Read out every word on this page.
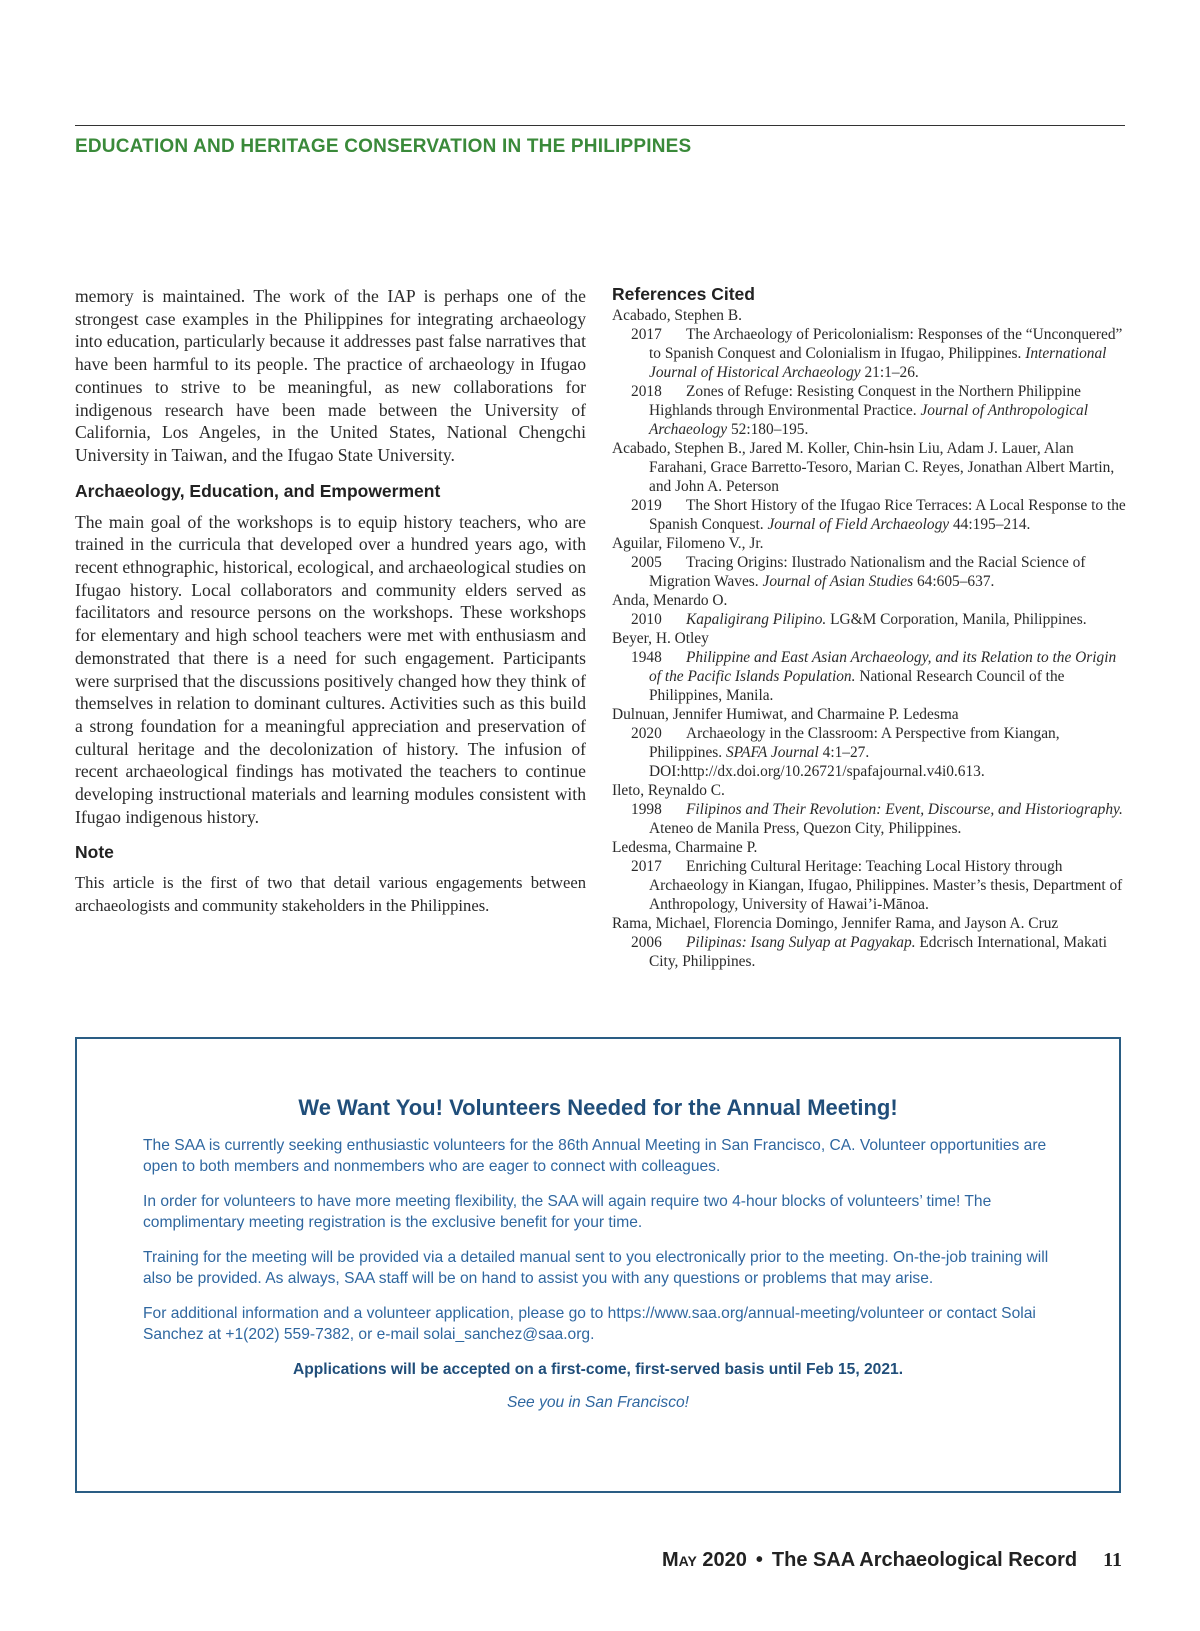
EDUCATION AND HERITAGE CONSERVATION IN THE PHILIPPINES

memory is maintained. The work of the IAP is perhaps one of the strongest case examples in the Philippines for integrating archaeology into education, particularly because it addresses past false narratives that have been harmful to its people. The practice of archaeology in Ifugao continues to strive to be meaningful, as new collaborations for indigenous research have been made between the University of California, Los Angeles, in the United States, National Chengchi University in Taiwan, and the Ifugao State University.

Archaeology, Education, and Empowerment

The main goal of the workshops is to equip history teachers, who are trained in the curricula that developed over a hundred years ago, with recent ethnographic, historical, ecological, and archaeological studies on Ifugao history. Local collaborators and community elders served as facilitators and resource persons on the workshops. These workshops for elementary and high school teachers were met with enthusiasm and demonstrated that there is a need for such engagement. Participants were surprised that the discussions positively changed how they think of themselves in relation to dominant cultures. Activities such as this build a strong foundation for a meaningful appreciation and preservation of cultural heritage and the decolonization of history. The infusion of recent archaeological findings has motivated the teachers to continue developing instructional materials and learning modules consistent with Ifugao indigenous history.

Note

This article is the first of two that detail various engagements between archaeologists and community stakeholders in the Philippines.

References Cited
Acabado, Stephen B.
2017 The Archaeology of Pericolonialism: Responses of the “Unconquered” to Spanish Conquest and Colonialism in Ifugao, Philippines. International Journal of Historical Archaeology 21:1–26.
2018 Zones of Refuge: Resisting Conquest in the Northern Philippine Highlands through Environmental Practice. Journal of Anthropological Archaeology 52:180–195.
Acabado, Stephen B., Jared M. Koller, Chin-hsin Liu, Adam J. Lauer, Alan Farahani, Grace Barretto-Tesoro, Marian C. Reyes, Jonathan Albert Martin, and John A. Peterson
2019 The Short History of the Ifugao Rice Terraces: A Local Response to the Spanish Conquest. Journal of Field Archaeology 44:195–214.
Aguilar, Filomeno V., Jr.
2005 Tracing Origins: Ilustrado Nationalism and the Racial Science of Migration Waves. Journal of Asian Studies 64:605–637.
Anda, Menardo O.
2010 Kapaligirang Pilipino. LG&M Corporation, Manila, Philippines.
Beyer, H. Otley
1948 Philippine and East Asian Archaeology, and its Relation to the Origin of the Pacific Islands Population. National Research Council of the Philippines, Manila.
Dulnuan, Jennifer Humiwat, and Charmaine P. Ledesma
2020 Archaeology in the Classroom: A Perspective from Kiangan, Philippines. SPAFA Journal 4:1–27. DOI:http://dx.doi.org/10.26721/spafajournal.v4i0.613.
Ileto, Reynaldo C.
1998 Filipinos and Their Revolution: Event, Discourse, and Historiography. Ateneo de Manila Press, Quezon City, Philippines.
Ledesma, Charmaine P.
2017 Enriching Cultural Heritage: Teaching Local History through Archaeology in Kiangan, Ifugao, Philippines. Master’s thesis, Department of Anthropology, University of Hawai’i-Mānoa.
Rama, Michael, Florencia Domingo, Jennifer Rama, and Jayson A. Cruz
2006 Pilipinas: Isang Sulyap at Pagyakap. Edcrisch International, Makati City, Philippines.
We Want You! Volunteers Needed for the Annual Meeting!

The SAA is currently seeking enthusiastic volunteers for the 86th Annual Meeting in San Francisco, CA. Volunteer opportunities are open to both members and nonmembers who are eager to connect with colleagues.

In order for volunteers to have more meeting flexibility, the SAA will again require two 4-hour blocks of volunteers’ time! The complimentary meeting registration is the exclusive benefit for your time.

Training for the meeting will be provided via a detailed manual sent to you electronically prior to the meeting. On-the-job training will also be provided. As always, SAA staff will be on hand to assist you with any questions or problems that may arise.

For additional information and a volunteer application, please go to https://www.saa.org/annual-meeting/volunteer or contact Solai Sanchez at +1(202) 559-7382, or e-mail solai_sanchez@saa.org.

Applications will be accepted on a first-come, first-served basis until Feb 15, 2021.

See you in San Francisco!

May 2020 • The SAA Archaeological Record 11
